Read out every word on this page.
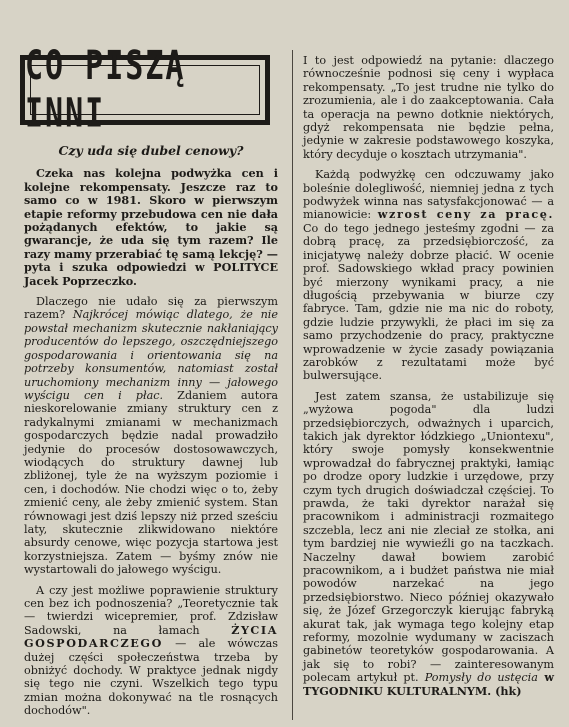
CO PISZĄ INNI
Czy uda się dubel cenowy?

Czeka nas kolejna podwyżka cen i kolejne rekompensaty. Jeszcze raz to samo co w 1981. Skoro w pierwszym etapie reformy przebudowa cen nie dała pożądanych efektów, to jakie są gwarancje, że uda się tym razem? Ile razy mamy przerabiać tę samą lekcję? — pyta i szuka odpowiedzi w POLITYCE Jacek Poprzeczko.

Dlaczego nie udało się za pierwszym razem? Najkrócej mówiąc dlatego, że nie powstał mechanizm skutecznie nakłaniający producentów do lepszego, oszczędniejszego gospodarowania i orientowania się na potrzeby konsumentów, natomiast został uruchomiony mechanizm inny — jałowego wyścigu cen i płac. Zdaniem autora nieskorelowanie zmiany struktury cen z radykalnymi zmianami w mechanizmach gospodarczych będzie nadal prowadziło jedynie do procesów dostosowawczych, wiodących do struktury dawnej lub zbliżonej, tyle że na wyższym poziomie i cen, i dochodów. Nie chodzi więc o to, żeby zmienić ceny, ale żeby zmienić system. Stan równowagi jest dziś lepszy niż przed sześciu laty, skutecznie zlikwidowano niektóre absurdy cenowe, więc pozycja startowa jest korzystniejsza. Zatem — byśmy znów nie wystartowali do jałowego wyścigu.

A czy jest możliwe poprawienie struktury cen bez ich podnoszenia? „Teoretycznie tak — twierdzi wicepremier, prof. Zdzisław Sadowski, na łamach ŻYCIA GOSPODARCZEGO — ale wówczas dużej części społeczeństwa trzeba by obniżyć dochody. W praktyce jednak nigdy się tego nie czyni. Wszelkich tego typu zmian można dokonywać na tle rosnących dochodów".

I to jest odpowiedź na pytanie: dlaczego równocześnie podnosi się ceny i wypłaca rekompensaty. „To jest trudne nie tylko do zrozumienia, ale i do zaakceptowania. Cała ta operacja na pewno dotknie niektórych, gdyż rekompensata nie będzie pełna, jedynie w zakresie podstawowego koszyka, który decyduje o kosztach utrzymania".

Każdą podwyżkę cen odczuwamy jako boleśnie dolegliwość, niemniej jedna z tych podwyżek winna nas satysfakcjonować — a mianowicie: wzrost ceny za pracę. Co do tego jednego jesteśmy zgodni — za dobrą pracę, za przedsiębiorczość, za inicjatywę należy dobrze płacić. W ocenie prof. Sadowskiego wkład pracy powinien być mierzony wynikami pracy, a nie długością przebywania w biurze czy fabryce. Tam, gdzie nie ma nic do roboty, gdzie ludzie przywykli, że płaci im się za samo przychodzenie do pracy, praktyczne wprowadzenie w życie zasady powiązania zarobków z rezultatami może być bulwersujące.

Jest zatem szansa, że ustabilizuje się „wyżowa pogoda" dla ludzi przedsiębiorczych, odważnych i uparcich, takich jak dyrektor łódzkiego „Uniontexu", który swoje pomysły konsekwentnie wprowadzał do fabrycznej praktyki, łamiąc po drodze opory ludzkie i urzędowe, przy czym tych drugich doświadczał częściej. To prawda, że taki dyrektor narażał się pracownikom i administracji rozmaitego szczebla, lecz ani nie zleciał ze stołka, ani tym bardziej nie wywieźli go na taczkach. Naczelny dawał bowiem zarobić pracownikom, a i budżet państwa nie miał powodów narzekać na jego przedsiębiorstwo. Nieco później okazywało się, że Józef Grzegorczyk kierując fabryką akurat tak, jak wymaga tego kolejny etap reformy, mozolnie wydumany w zaciszach gabinetów teoretyków gospodarowania. A jak się to robi? — zainteresowanym polecam artykuł pt. Pomysły do ustęcia w TYGODNIKU KULTURALNYM. (hk)
